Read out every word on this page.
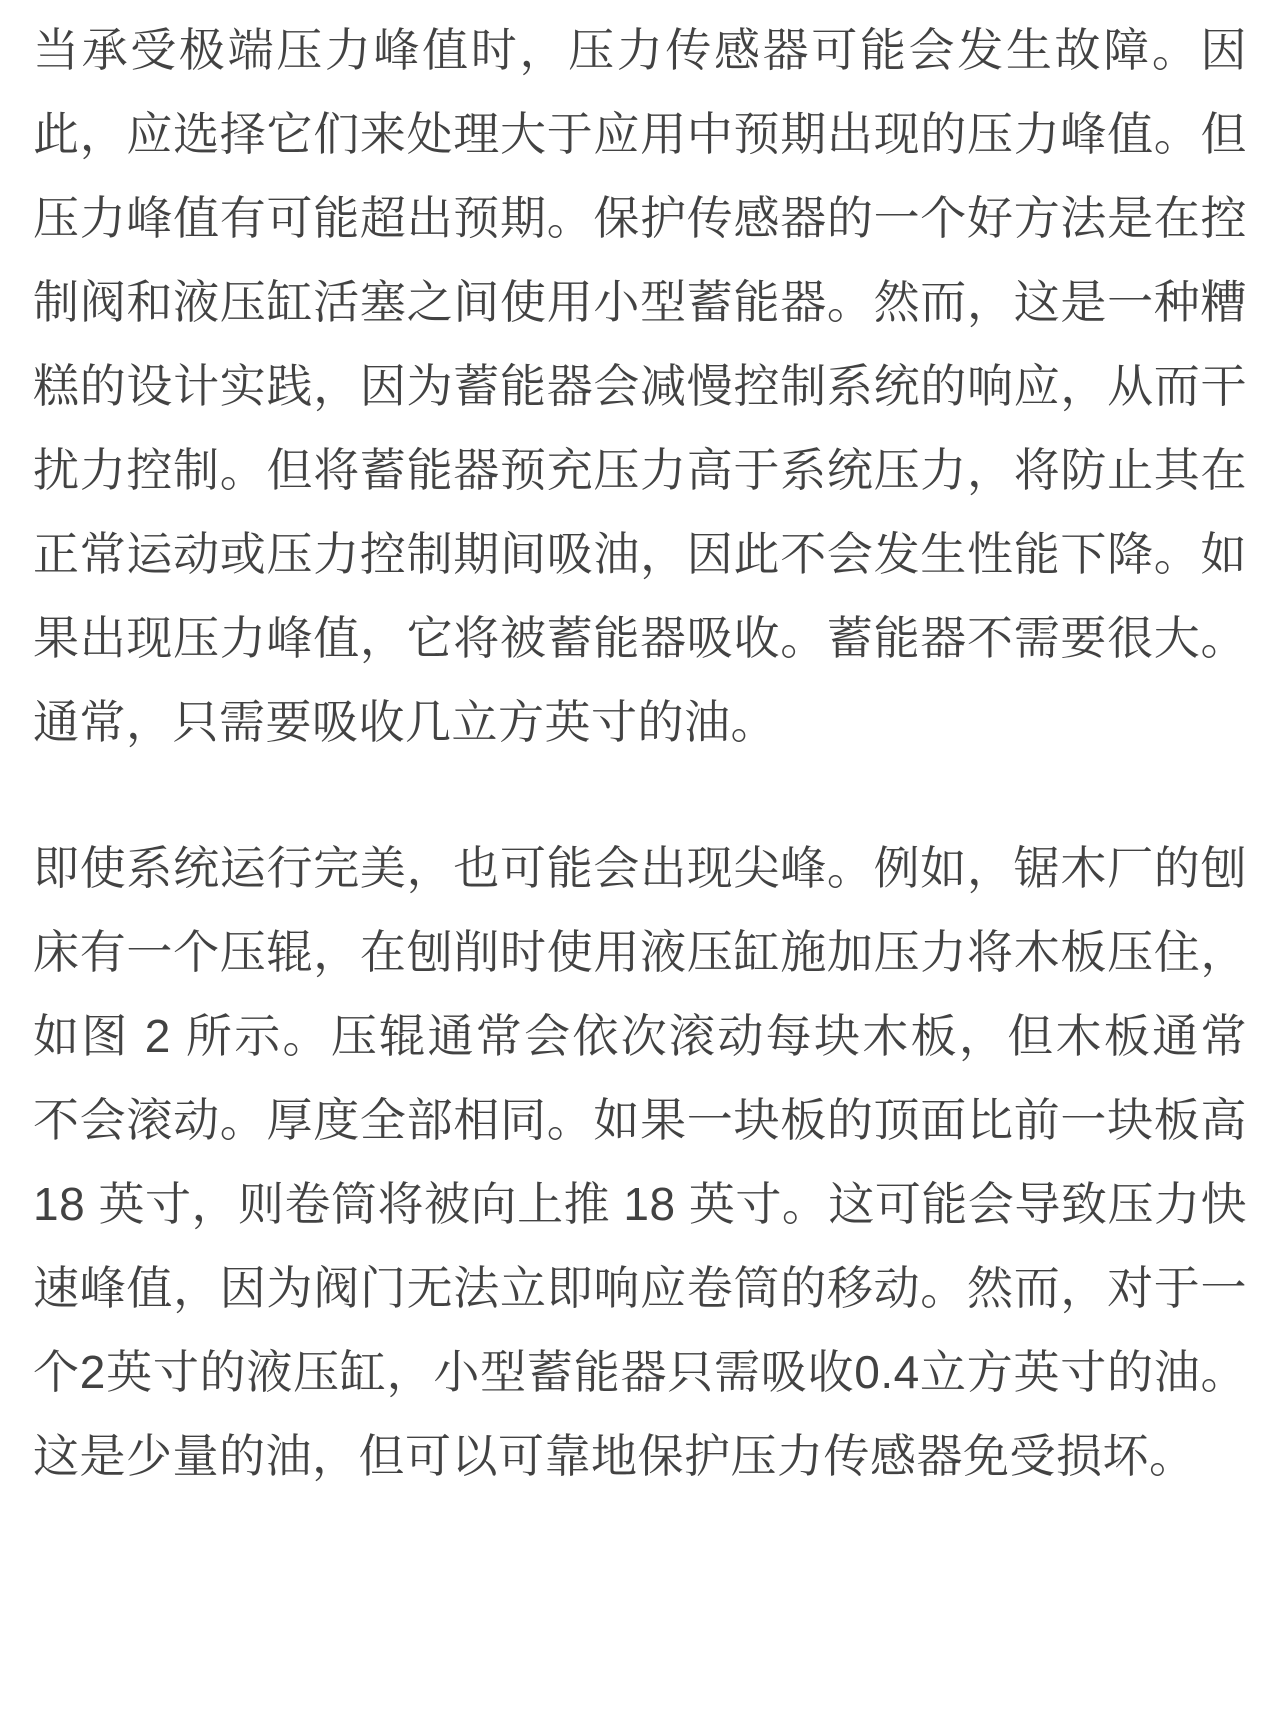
当承受极端压力峰值时，压力传感器可能会发生故障。因此，应选择它们来处理大于应用中预期出现的压力峰值。但压力峰值有可能超出预期。保护传感器的一个好方法是在控制阀和液压缸活塞之间使用小型蓄能器。然而，这是一种糟糕的设计实践，因为蓄能器会减慢控制系统的响应，从而干扰力控制。但将蓄能器预充压力高于系统压力，将防止其在正常运动或压力控制期间吸油，因此不会发生性能下降。如果出现压力峰值，它将被蓄能器吸收。蓄能器不需要很大。通常，只需要吸收几立方英寸的油。

即使系统运行完美，也可能会出现尖峰。例如，锯木厂的刨床有一个压辊，在刨削时使用液压缸施加压力将木板压住，如图 2 所示。压辊通常会依次滚动每块木板，但木板通常不会滚动。厚度全部相同。如果一块板的顶面比前一块板高 18 英寸，则卷筒将被向上推 18 英寸。这可能会导致压力快速峰值，因为阀门无法立即响应卷筒的移动。然而，对于一个2英寸的液压缸，小型蓄能器只需吸收0.4立方英寸的油。这是少量的油，但可以可靠地保护压力传感器免受损坏。
